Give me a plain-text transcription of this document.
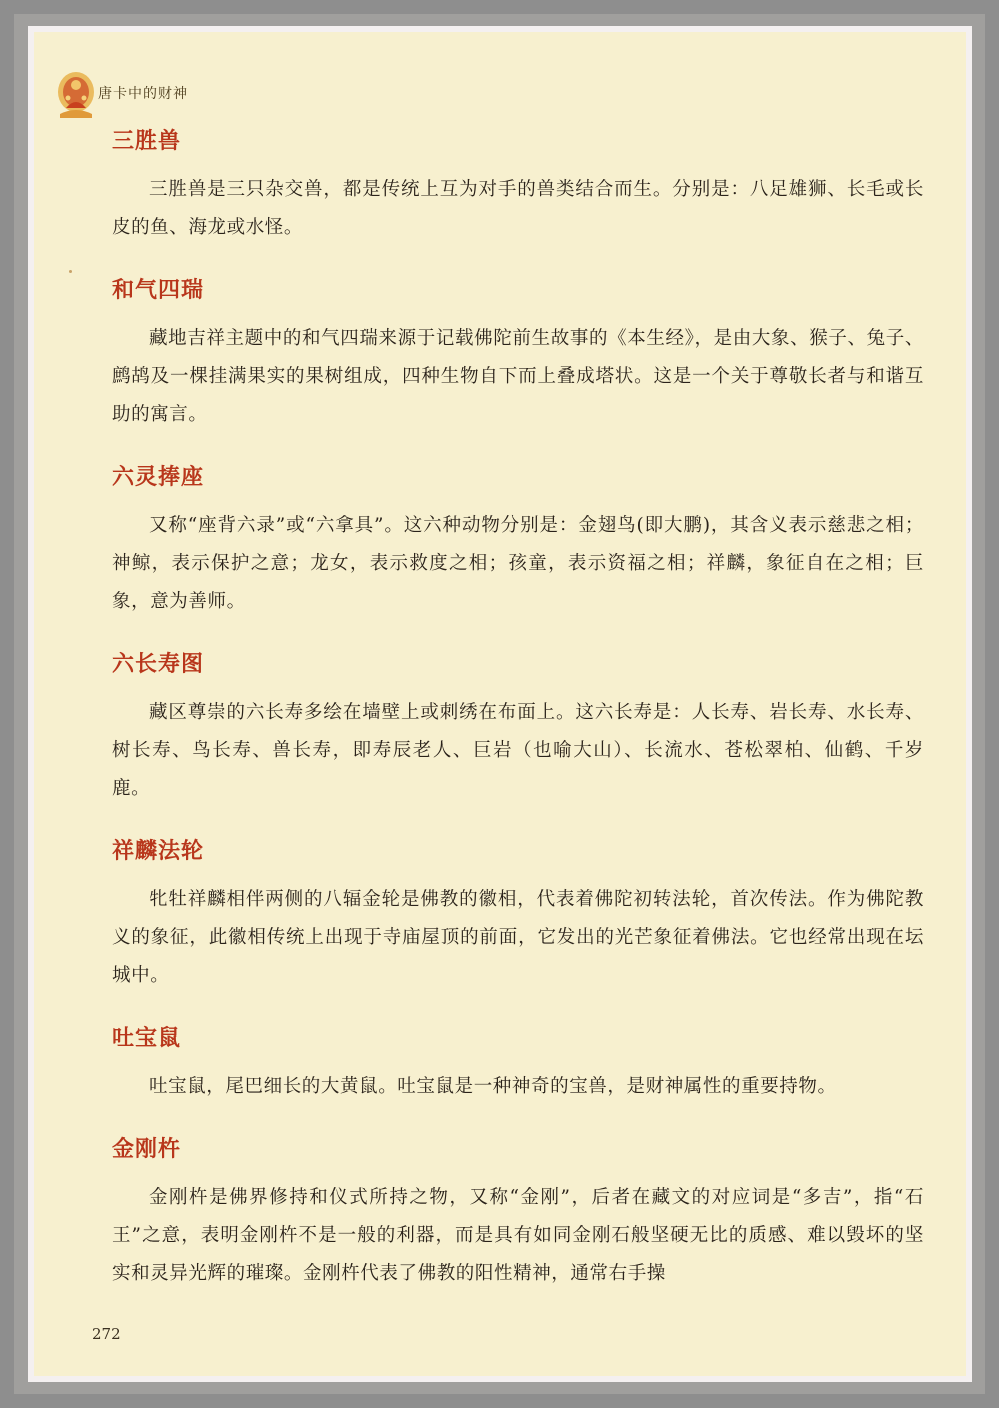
唐卡中的财神
三胜兽

三胜兽是三只杂交兽，都是传统上互为对手的兽类结合而生。分别是：八足雄狮、长毛或长皮的鱼、海龙或水怪。

和气四瑞

藏地吉祥主题中的和气四瑞来源于记载佛陀前生故事的《本生经》，是由大象、猴子、兔子、鹧鸪及一棵挂满果实的果树组成，四种生物自下而上叠成塔状。这是一个关于尊敬长者与和谐互助的寓言。

六灵捧座

又称“座背六录”或“六拿具”。这六种动物分别是：金翅鸟(即大鹏)，其含义表示慈悲之相；神鲸，表示保护之意；龙女，表示救度之相；孩童，表示资福之相；祥麟，象征自在之相；巨象，意为善师。

六长寿图

藏区尊崇的六长寿多绘在墙壁上或刺绣在布面上。这六长寿是：人长寿、岩长寿、水长寿、树长寿、鸟长寿、兽长寿，即寿辰老人、巨岩（也喻大山）、长流水、苍松翠柏、仙鹤、千岁鹿。

祥麟法轮

牝牡祥麟相伴两侧的八辐金轮是佛教的徽相，代表着佛陀初转法轮，首次传法。作为佛陀教义的象征，此徽相传统上出现于寺庙屋顶的前面，它发出的光芒象征着佛法。它也经常出现在坛城中。

吐宝鼠

吐宝鼠，尾巴细长的大黄鼠。吐宝鼠是一种神奇的宝兽，是财神属性的重要持物。

金刚杵

金刚杵是佛界修持和仪式所持之物，又称“金刚”，后者在藏文的对应词是“多吉”，指“石王”之意，表明金刚杵不是一般的利器，而是具有如同金刚石般坚硬无比的质感、难以毁坏的坚实和灵异光辉的璀璨。金刚杵代表了佛教的阳性精神，通常右手操

272
